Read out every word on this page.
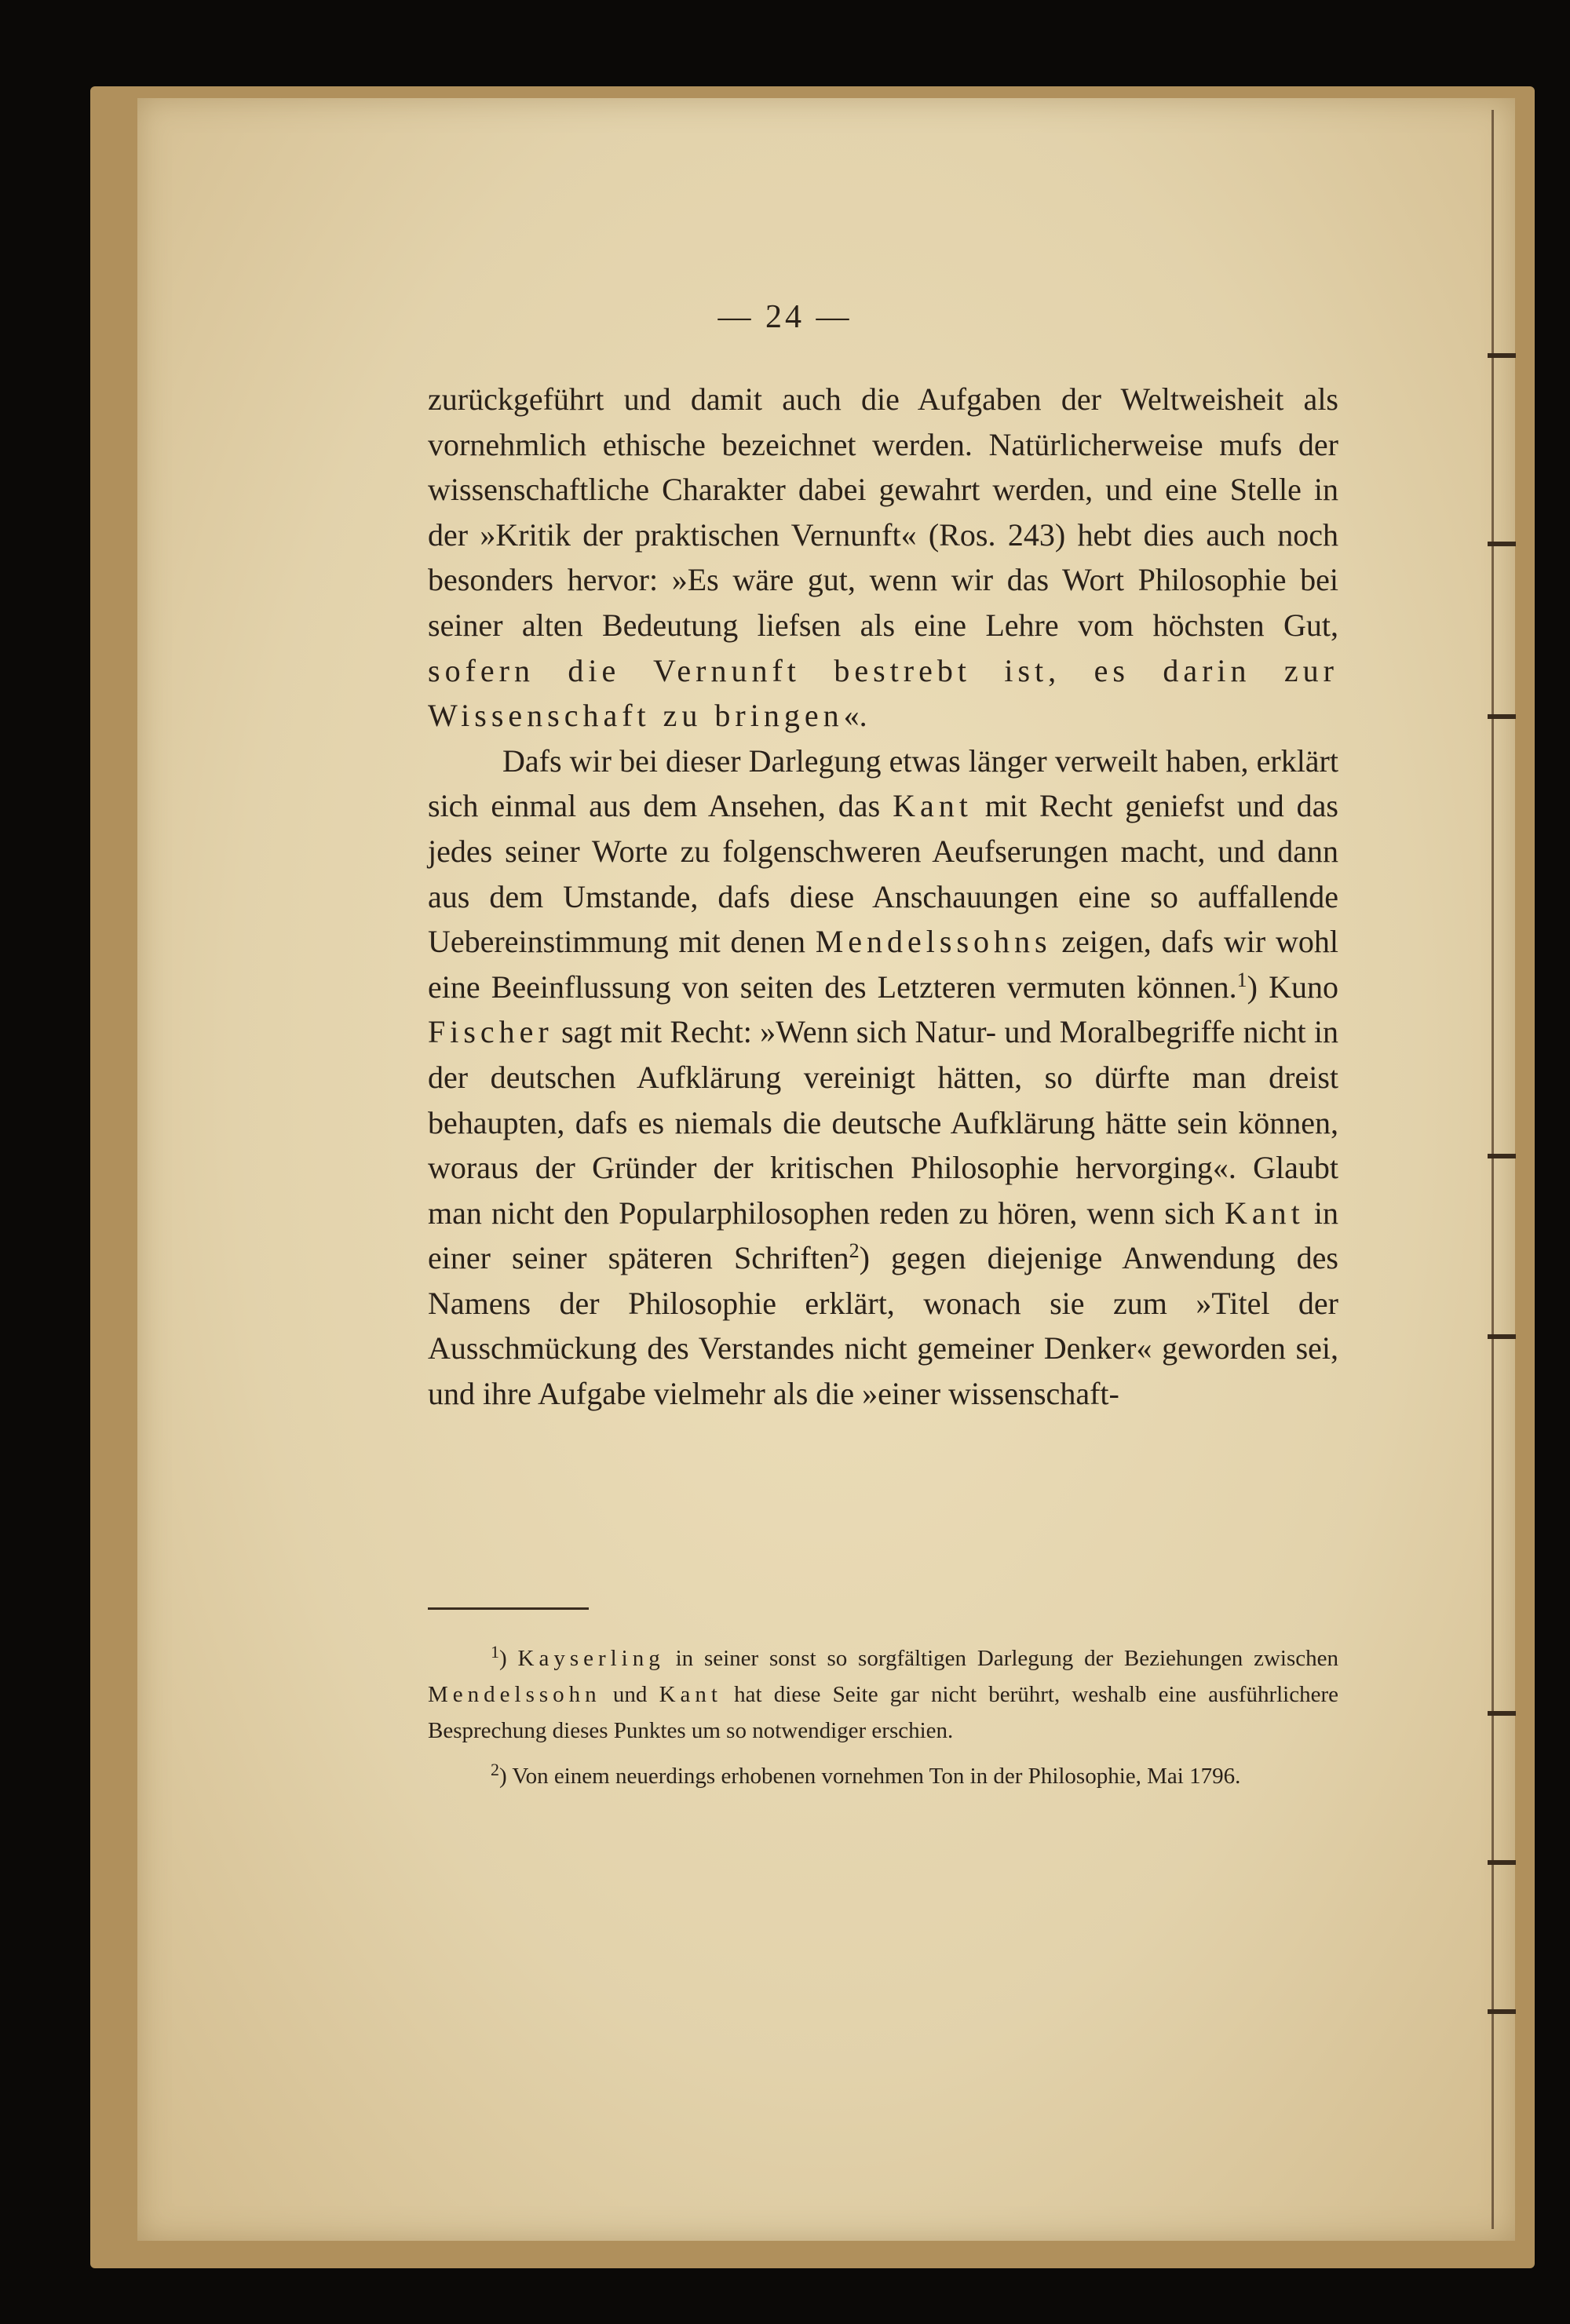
— 24 —

zurückgeführt und damit auch die Aufgaben der Weltweisheit als vornehmlich ethische bezeichnet werden. Natürlicherweise mufs der wissenschaftliche Charakter dabei gewahrt werden, und eine Stelle in der »Kritik der praktischen Vernunft« (Ros. 243) hebt dies auch noch besonders hervor: »Es wäre gut, wenn wir das Wort Philosophie bei seiner alten Bedeutung liefsen als eine Lehre vom höchsten Gut, sofern die Vernunft bestrebt ist, es darin zur Wissenschaft zu bringen«.

Dafs wir bei dieser Darlegung etwas länger verweilt haben, erklärt sich einmal aus dem Ansehen, das Kant mit Recht geniefst und das jedes seiner Worte zu folgenschweren Aeufserungen macht, und dann aus dem Umstande, dafs diese Anschauungen eine so auffallende Uebereinstimmung mit denen Mendelssohns zeigen, dafs wir wohl eine Beeinflussung von seiten des Letzteren vermuten können.$^1$) Kuno Fischer sagt mit Recht: »Wenn sich Natur- und Moralbegriffe nicht in der deutschen Aufklärung vereinigt hätten, so dürfte man dreist behaupten, dafs es niemals die deutsche Aufklärung hätte sein können, woraus der Gründer der kritischen Philosophie hervorging«. Glaubt man nicht den Popularphilosophen reden zu hören, wenn sich Kant in einer seiner späteren Schriften$^2$) gegen diejenige Anwendung des Namens der Philosophie erklärt, wonach sie zum »Titel der Ausschmückung des Verstandes nicht gemeiner Denker« geworden sei, und ihre Aufgabe vielmehr als die »einer wissenschaft-

$^1$) Kayserling in seiner sonst so sorgfältigen Darlegung der Beziehungen zwischen Mendelssohn und Kant hat diese Seite gar nicht berührt, weshalb eine ausführlichere Besprechung dieses Punktes um so notwendiger erschien.

$^2$) Von einem neuerdings erhobenen vornehmen Ton in der Philosophie, Mai 1796.
